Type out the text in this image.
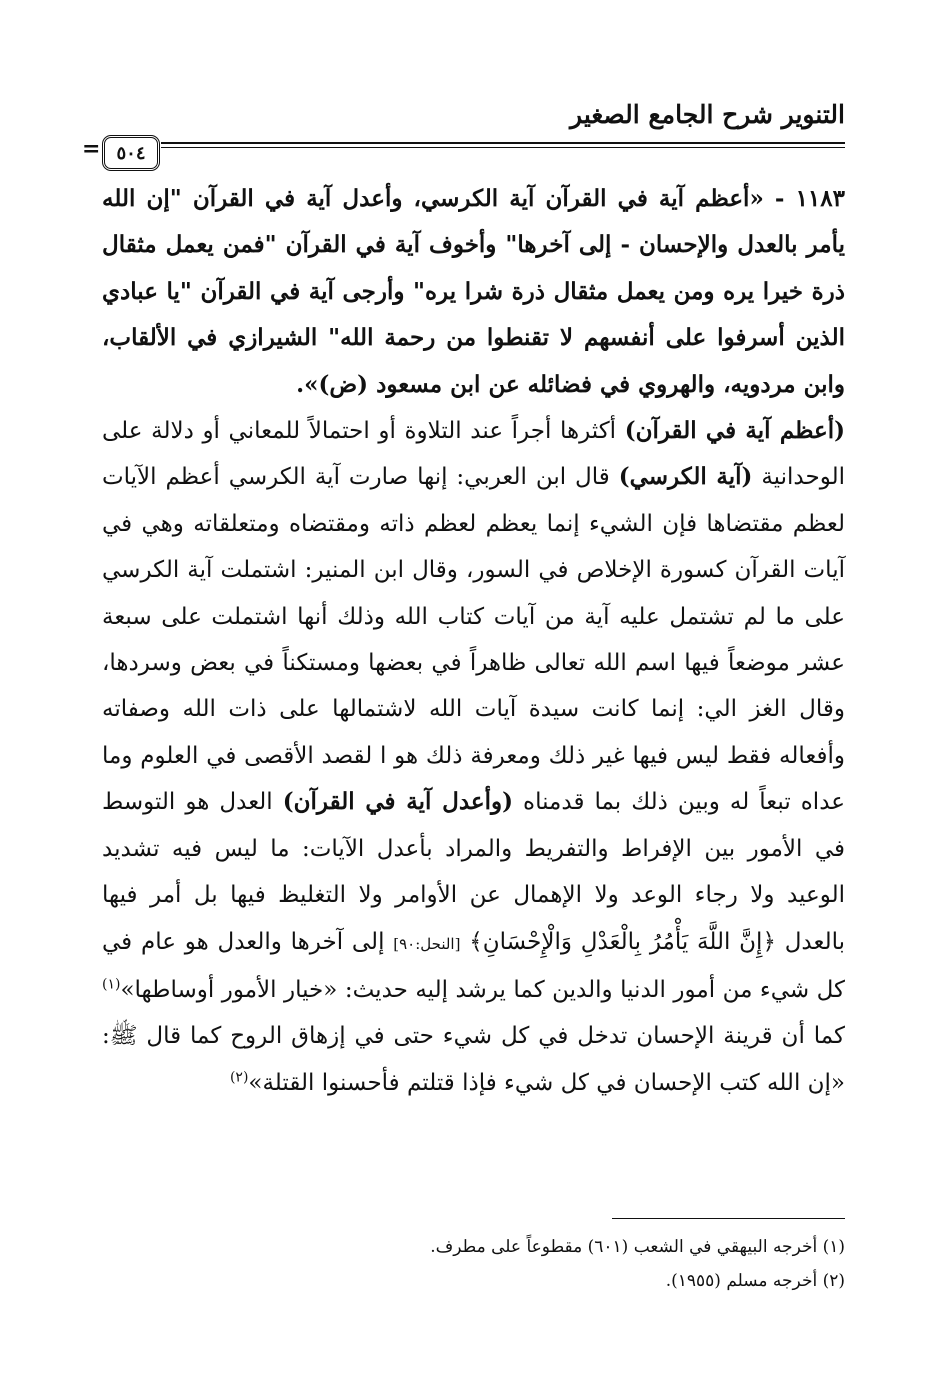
التنوير شرح الجامع الصغير
٥٠٤
=

١١٨٣ - «أعظم آية في القرآن آية الكرسي، وأعدل آية في القرآن "إن الله يأمر بالعدل والإحسان - إلى آخرها" وأخوف آية في القرآن "فمن يعمل مثقال ذرة خيرا يره ومن يعمل مثقال ذرة شرا يره" وأرجى آية في القرآن "يا عبادي الذين أسرفوا على أنفسهم لا تقنطوا من رحمة الله" الشيرازي في الألقاب، وابن مردويه، والهروي في فضائله عن ابن مسعود (ض)».

(أعظم آية في القرآن) أكثرها أجراً عند التلاوة أو احتمالاً للمعاني أو دلالة على الوحدانية (آية الكرسي) قال ابن العربي: إنها صارت آية الكرسي أعظم الآيات لعظم مقتضاها فإن الشيء إنما يعظم لعظم ذاته ومقتضاه ومتعلقاته وهي في آيات القرآن كسورة الإخلاص في السور، وقال ابن المنير: اشتملت آية الكرسي على ما لم تشتمل عليه آية من آيات كتاب الله وذلك أنها اشتملت على سبعة عشر موضعاً فيها اسم الله تعالى ظاهراً في بعضها ومستكناً في بعض وسردها، وقال الغز الي: إنما كانت سيدة آيات الله لاشتمالها على ذات الله وصفاته وأفعاله فقط ليس فيها غير ذلك ومعرفة ذلك هو ا لقصد الأقصى في العلوم وما عداه تبعاً له وبين ذلك بما قدمناه (وأعدل آية في القرآن) العدل هو التوسط في الأمور بين الإفراط والتفريط والمراد بأعدل الآيات: ما ليس فيه تشديد الوعيد ولا رجاء الوعد ولا الإهمال عن الأوامر ولا التغليظ فيها بل أمر فيها بالعدل ﴿إِنَّ اللَّهَ يَأْمُرُ بِالْعَدْلِ وَالْإِحْسَانِ﴾ [النحل:٩٠] إلى آخرها والعدل هو عام في كل شيء من أمور الدنيا والدين كما يرشد إليه حديث: «خيار الأمور أوساطها»$^{(١)}$ كما أن قرينة الإحسان تدخل في كل شيء حتى في إزهاق الروح كما قال ﷺ: «إن الله كتب الإحسان في كل شيء فإذا قتلتم فأحسنوا القتلة»$^{(٢)}$

(١) أخرجه البيهقي في الشعب (٦٠١) مقطوعاً على مطرف.
(٢) أخرجه مسلم (١٩٥٥).
